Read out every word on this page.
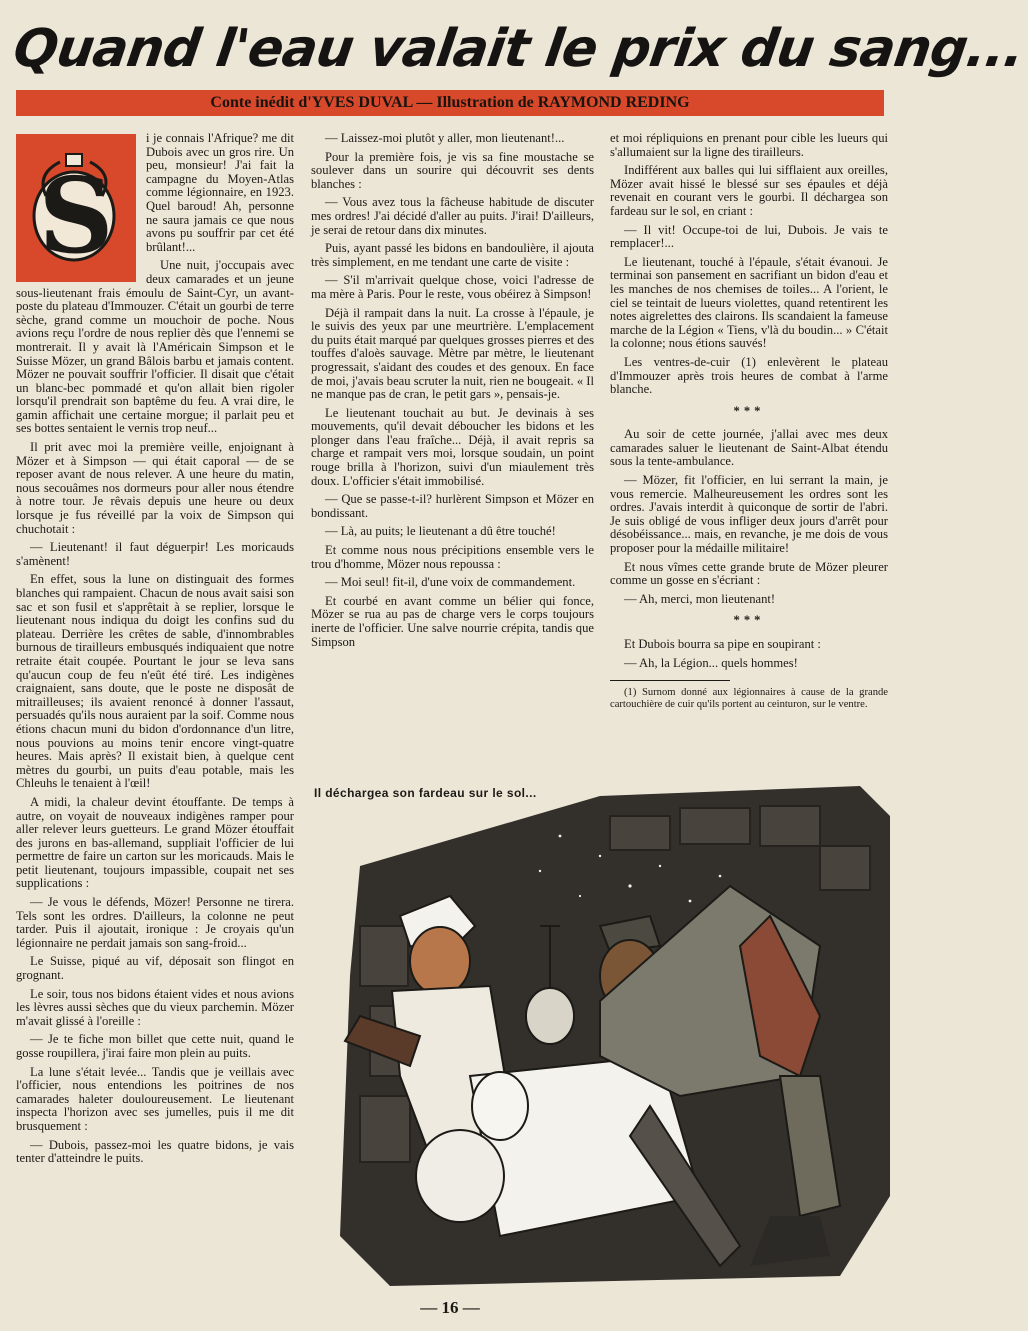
Quand l'eau valait le prix du sang...
Conte inédit d'YVES DUVAL — Illustration de RAYMOND REDING
S

i je connais l'Afrique? me dit Dubois avec un gros rire. Un peu, monsieur! J'ai fait la campagne du Moyen-Atlas comme légionnaire, en 1923. Quel baroud! Ah, personne ne saura jamais ce que nous avons pu souffrir par cet été brûlant!...

Une nuit, j'occupais avec deux camarades et un jeune sous-lieutenant frais émoulu de Saint-Cyr, un avant-poste du plateau d'Immouzer. C'était un gourbi de terre sèche, grand comme un mouchoir de poche. Nous avions reçu l'ordre de nous replier dès que l'ennemi se montrerait. Il y avait là l'Américain Simpson et le Suisse Mözer, un grand Bâlois barbu et jamais content. Mözer ne pouvait souffrir l'officier. Il disait que c'était un blanc-bec pommadé et qu'on allait bien rigoler lorsqu'il prendrait son baptême du feu. A vrai dire, le gamin affichait une certaine morgue; il parlait peu et ses bottes sentaient le vernis trop neuf...

Il prit avec moi la première veille, enjoignant à Mözer et à Simpson — qui était caporal — de se reposer avant de nous relever. A une heure du matin, nous secouâmes nos dormeurs pour aller nous étendre à notre tour. Je rêvais depuis une heure ou deux lorsque je fus réveillé par la voix de Simpson qui chuchotait :

— Lieutenant! il faut déguerpir! Les moricauds s'amènent!

En effet, sous la lune on distinguait des formes blanches qui rampaient. Chacun de nous avait saisi son sac et son fusil et s'apprêtait à se replier, lorsque le lieutenant nous indiqua du doigt les confins sud du plateau. Derrière les crêtes de sable, d'innombrables burnous de tirailleurs embusqués indiquaient que notre retraite était coupée. Pourtant le jour se leva sans qu'aucun coup de feu n'eût été tiré. Les indigènes craignaient, sans doute, que le poste ne disposât de mitrailleuses; ils avaient renoncé à donner l'assaut, persuadés qu'ils nous auraient par la soif. Comme nous étions chacun muni du bidon d'ordonnance d'un litre, nous pouvions au moins tenir encore vingt-quatre heures. Mais après? Il existait bien, à quelque cent mètres du gourbi, un puits d'eau potable, mais les Chleuhs le tenaient à l'œil!

A midi, la chaleur devint étouffante. De temps à autre, on voyait de nouveaux indigènes ramper pour aller relever leurs guetteurs. Le grand Mözer étouffait des jurons en bas-allemand, suppliait l'officier de lui permettre de faire un carton sur les moricauds. Mais le petit lieutenant, toujours impassible, coupait net ses supplications :

— Je vous le défends, Mözer! Personne ne tirera. Tels sont les ordres. D'ailleurs, la colonne ne peut tarder. Puis il ajoutait, ironique : Je croyais qu'un légionnaire ne perdait jamais son sang-froid...

Le Suisse, piqué au vif, déposait son flingot en grognant.

Le soir, tous nos bidons étaient vides et nous avions les lèvres aussi sèches que du vieux parchemin. Mözer m'avait glissé à l'oreille :

— Je te fiche mon billet que cette nuit, quand le gosse roupillera, j'irai faire mon plein au puits.

La lune s'était levée... Tandis que je veillais avec l'officier, nous entendions les poitrines de nos camarades haleter douloureusement. Le lieutenant inspecta l'horizon avec ses jumelles, puis il me dit brusquement :

— Dubois, passez-moi les quatre bidons, je vais tenter d'atteindre le puits.

— Laissez-moi plutôt y aller, mon lieutenant!...

Pour la première fois, je vis sa fine moustache se soulever dans un sourire qui découvrit ses dents blanches :

— Vous avez tous la fâcheuse habitude de discuter mes ordres! J'ai décidé d'aller au puits. J'irai! D'ailleurs, je serai de retour dans dix minutes.

Puis, ayant passé les bidons en bandoulière, il ajouta très simplement, en me tendant une carte de visite :

— S'il m'arrivait quelque chose, voici l'adresse de ma mère à Paris. Pour le reste, vous obéirez à Simpson!

Déjà il rampait dans la nuit. La crosse à l'épaule, je le suivis des yeux par une meurtrière. L'emplacement du puits était marqué par quelques grosses pierres et des touffes d'aloès sauvage. Mètre par mètre, le lieutenant progressait, s'aidant des coudes et des genoux. En face de moi, j'avais beau scruter la nuit, rien ne bougeait. « Il ne manque pas de cran, le petit gars », pensais-je.

Le lieutenant touchait au but. Je devinais à ses mouvements, qu'il devait déboucher les bidons et les plonger dans l'eau fraîche... Déjà, il avait repris sa charge et rampait vers moi, lorsque soudain, un point rouge brilla à l'horizon, suivi d'un miaulement très doux. L'officier s'était immobilisé.

— Que se passe-t-il? hurlèrent Simpson et Mözer en bondissant.

— Là, au puits; le lieutenant a dû être touché!

Et comme nous nous précipitions ensemble vers le trou d'homme, Mözer nous repoussa :

— Moi seul! fit-il, d'une voix de commandement.

Et courbé en avant comme un bélier qui fonce, Mözer se rua au pas de charge vers le corps toujours inerte de l'officier. Une salve nourrie crépita, tandis que Simpson

et moi répliquions en prenant pour cible les lueurs qui s'allumaient sur la ligne des tirailleurs.

Indifférent aux balles qui lui sifflaient aux oreilles, Mözer avait hissé le blessé sur ses épaules et déjà revenait en courant vers le gourbi. Il déchargea son fardeau sur le sol, en criant :

— Il vit! Occupe-toi de lui, Dubois. Je vais te remplacer!...

Le lieutenant, touché à l'épaule, s'était évanoui. Je terminai son pansement en sacrifiant un bidon d'eau et les manches de nos chemises de toiles... A l'orient, le ciel se teintait de lueurs violettes, quand retentirent les notes aigrelettes des clairons. Ils scandaient la fameuse marche de la Légion « Tiens, v'là du boudin... » C'était la colonne; nous étions sauvés!

Les ventres-de-cuir (1) enlevèrent le plateau d'Immouzer après trois heures de combat à l'arme blanche.

***

Au soir de cette journée, j'allai avec mes deux camarades saluer le lieutenant de Saint-Albat étendu sous la tente-ambulance.

— Mözer, fit l'officier, en lui serrant la main, je vous remercie. Malheureusement les ordres sont les ordres. J'avais interdit à quiconque de sortir de l'abri. Je suis obligé de vous infliger deux jours d'arrêt pour désobéissance... mais, en revanche, je me dois de vous proposer pour la médaille militaire!

Et nous vîmes cette grande brute de Mözer pleurer comme un gosse en s'écriant :

— Ah, merci, mon lieutenant!

***

Et Dubois bourra sa pipe en soupirant :

— Ah, la Légion... quels hommes!

(1) Surnom donné aux légionnaires à cause de la grande cartouchière de cuir qu'ils portent au ceinturon, sur le ventre.

Il déchargea son fardeau sur le sol...
— 16 —
